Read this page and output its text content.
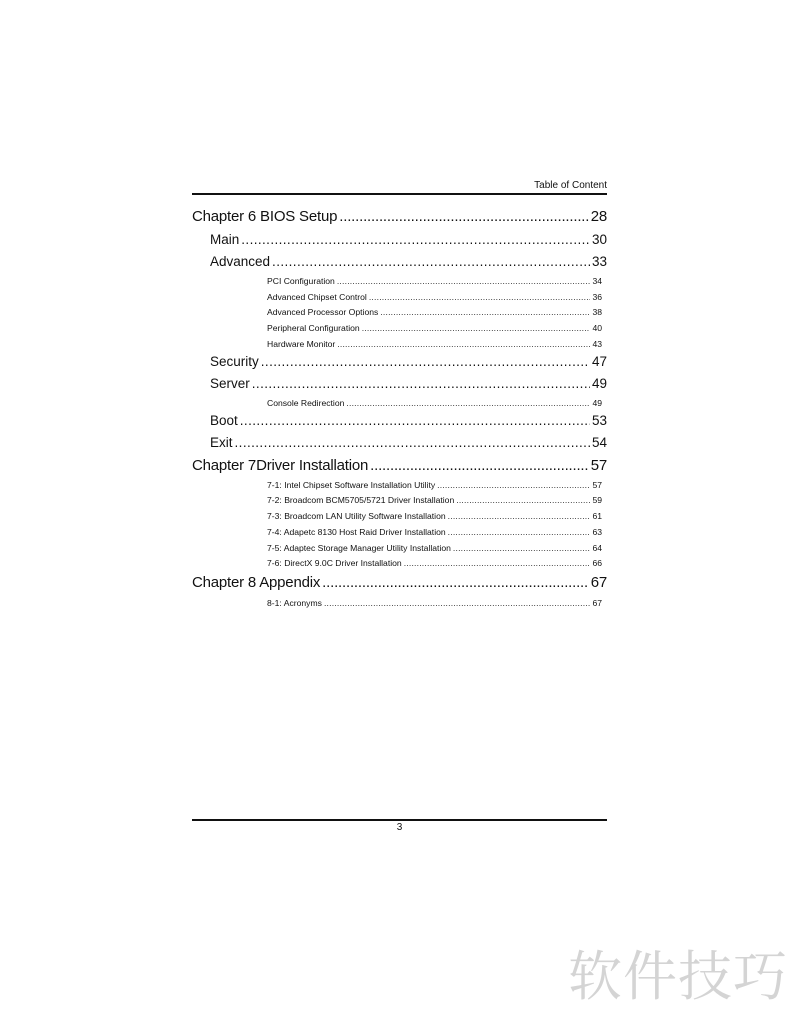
Table of Content
Chapter 6 BIOS Setup .....	28
Main .....	30
Advanced .....	33
PCI Configuration .....	34
Advanced Chipset Control .....	36
Advanced Processor Options .....	38
Peripheral Configuration .....	40
Hardware Monitor .....	43
Security .....	47
Server .....	49
Console Redirection .....	49
Boot .....	53
Exit .....	54
Chapter 7Driver Installation .....	57
7-1: Intel Chipset Software Installation Utility .....	57
7-2: Broadcom BCM5705/5721 Driver Installation .....	59
7-3: Broadcom LAN Utility Software Installation .....	61
7-4: Adapetc 8130 Host Raid Driver Installation .....	63
7-5: Adaptec Storage Manager Utility Installation .....	64
7-6: DirectX 9.0C Driver Installation .....	66
Chapter 8 Appendix .....	67
8-1: Acronyms .....	67
3
软件技巧
